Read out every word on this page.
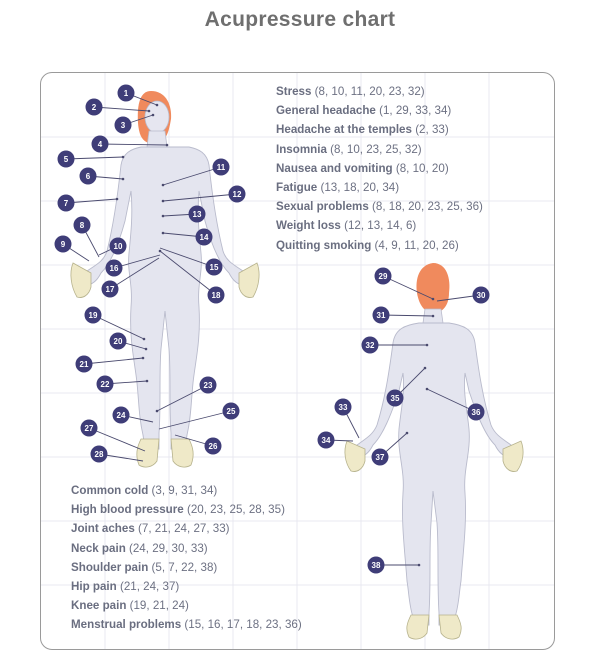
Acupressure chart
1
2
3
4
5
6
7
8
9	10
11
12
13
14
15
16
17
18
19
20
21
22	23
24	25
26
27
28
29
30
31
32
33
34
35
36
37
38
Stress (8, 10, 11, 20, 23, 32)
General headache (1, 29, 33, 34)
Headache at the temples (2, 33)
Insomnia (8, 10, 23, 25, 32)
Nausea and vomiting (8, 10, 20)
Fatigue (13, 18, 20, 34)
Sexual problems (8, 18, 20, 23, 25, 36)
Weight loss (12, 13, 14, 6)
Quitting smoking (4, 9, 11, 20, 26)
Common cold (3, 9, 31, 34)
High blood pressure (20, 23, 25, 28, 35)
Joint aches (7, 21, 24, 27, 33)
Neck pain (24, 29, 30, 33)
Shoulder pain (5, 7, 22, 38)
Hip pain (21, 24, 37)
Knee pain (19, 21, 24)
Menstrual problems (15, 16, 17, 18, 23, 36)
